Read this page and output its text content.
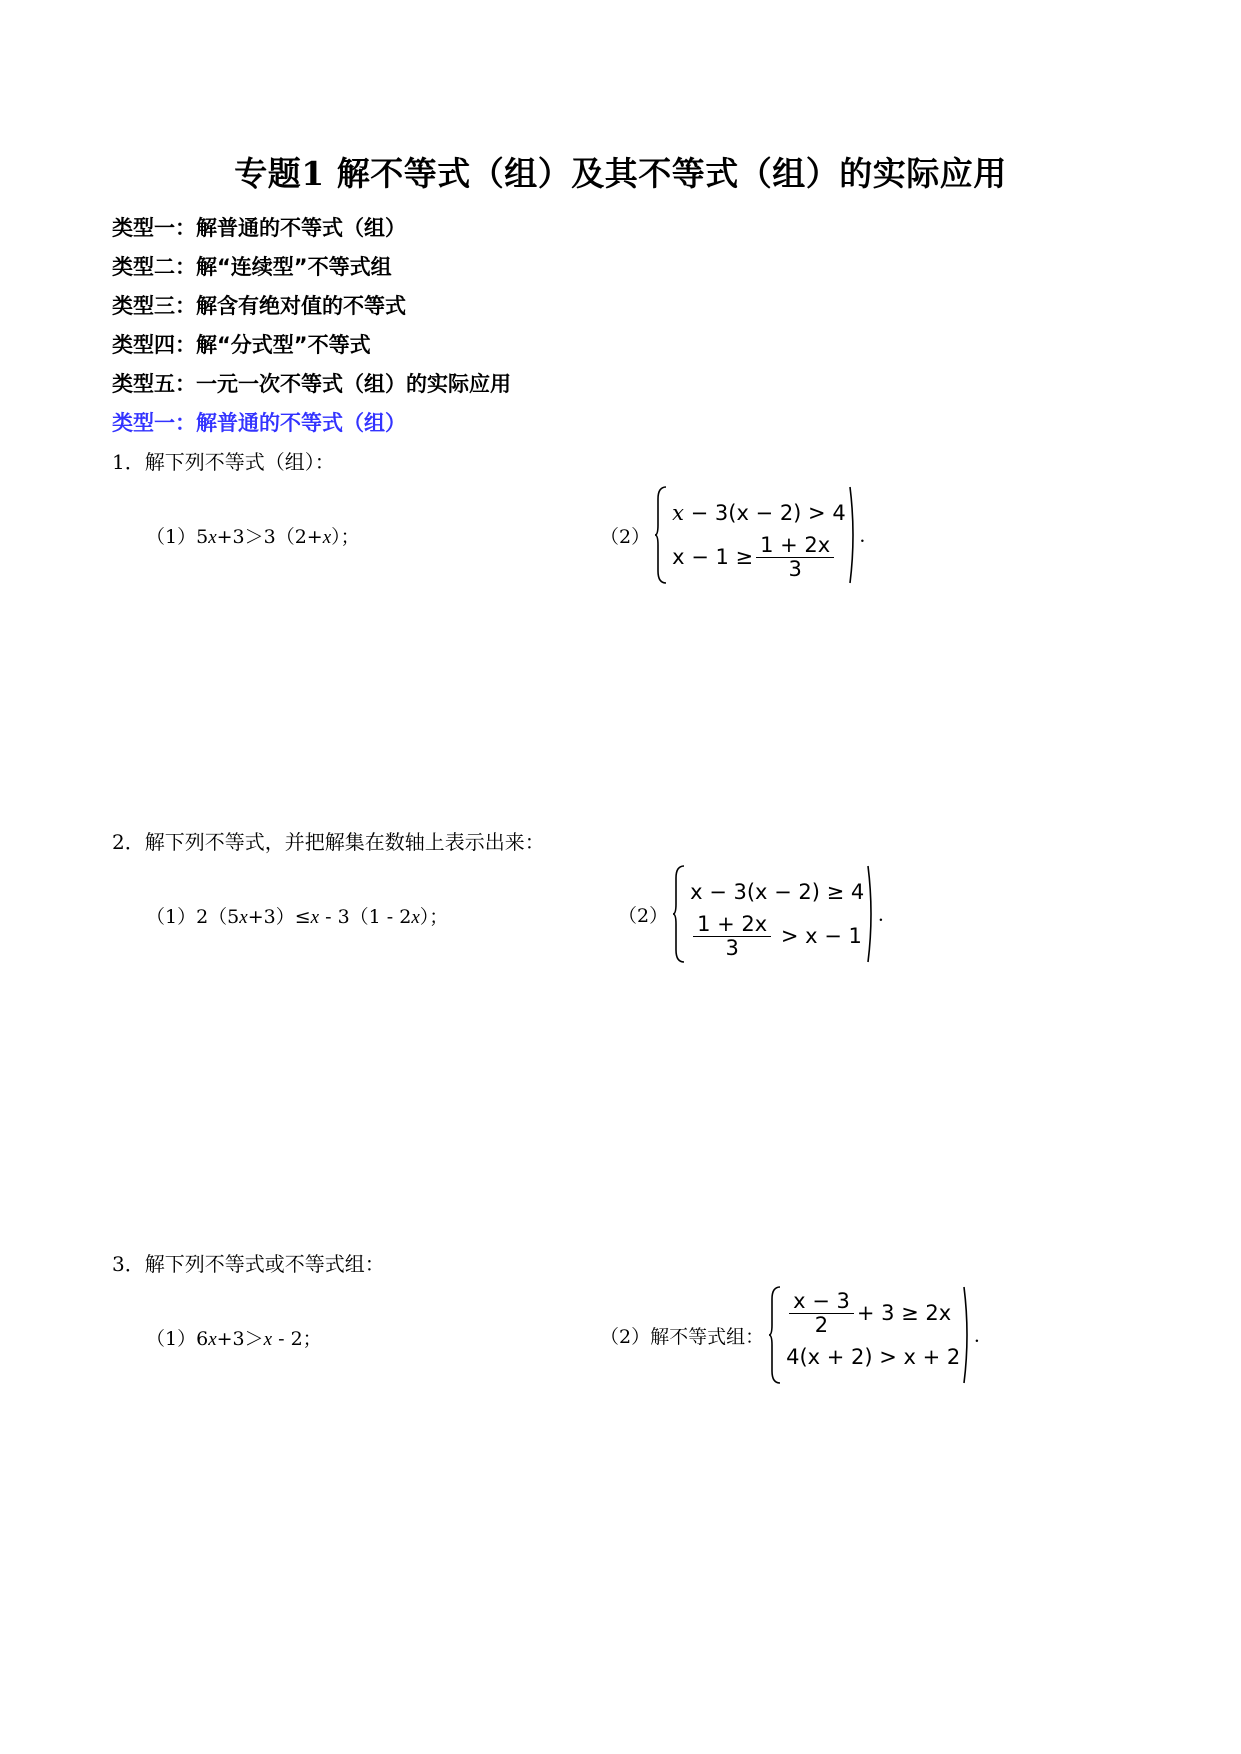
专题1 解不等式（组）及其不等式（组）的实际应用
类型一：解普通的不等式（组）
类型二：解“连续型”不等式组
类型三：解含有绝对值的不等式
类型四：解“分式型”不等式
类型五：一元一次不等式（组）的实际应用
类型一：解普通的不等式（组）
1．解下列不等式（组）：
（1）5x+3＞3（2+x）；	（2）
x
− 3(x − 2) > 4
$x - 1 \ge \frac{1 + 2x}{3}$ .
2．解下列不等式，并把解集在数轴上表示出来：
（1）2（5x+3）≤x - 3（1 - 2x）；	（2）
x − 3(x − 2) ≥ 4
$\frac{1 + 2x}{3}$
> x − 1
.
3．解下列不等式或不等式组：
（1）6x+3＞x - 2；	（2）解不等式组：
$\frac{x - 3}{2} + 3 \ge 2x$
4(x + 2) > x + 2
.
